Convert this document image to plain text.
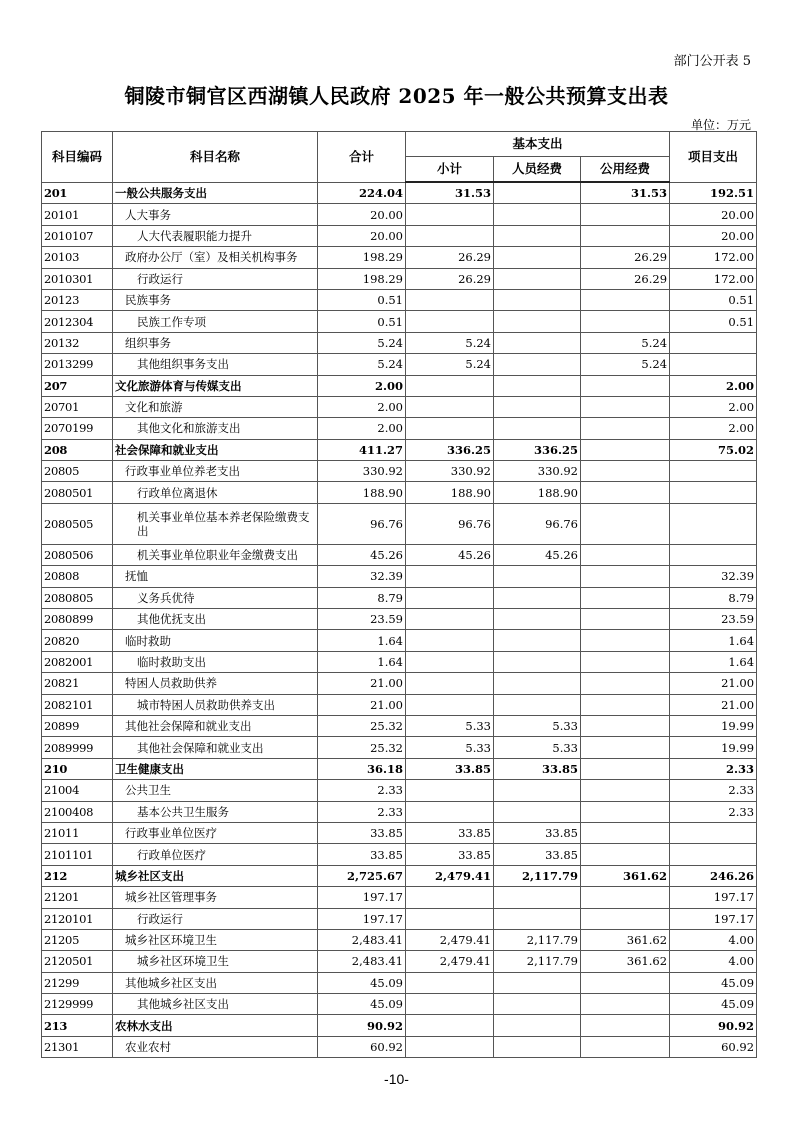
部门公开表 5
铜陵市铜官区西湖镇人民政府 2025 年一般公共预算支出表
单位：万元
科目编码	科目名称	合计	基本支出			项目支出
			小计	人员经费	公用经费	
201	一般公共服务支出	224.04	31.53		31.53	192.51
20101	人大事务	20.00				20.00
2010107	人大代表履职能力提升	20.00				20.00
20103	政府办公厅（室）及相关机构事务	198.29	26.29		26.29	172.00
2010301	行政运行	198.29	26.29		26.29	172.00
20123	民族事务	0.51				0.51
2012304	民族工作专项	0.51				0.51
20132	组织事务	5.24	5.24		5.24	
2013299	其他组织事务支出	5.24	5.24		5.24	
207	文化旅游体育与传媒支出	2.00				2.00
20701	文化和旅游	2.00				2.00
2070199	其他文化和旅游支出	2.00				2.00
208	社会保障和就业支出	411.27	336.25	336.25		75.02
20805	行政事业单位养老支出	330.92	330.92	330.92		
2080501	行政单位离退休	188.90	188.90	188.90		
2080505	机关事业单位基本养老保险缴费支出	96.76	96.76	96.76		
2080506	机关事业单位职业年金缴费支出	45.26	45.26	45.26		
20808	抚恤	32.39				32.39
2080805	义务兵优待	8.79				8.79
2080899	其他优抚支出	23.59				23.59
20820	临时救助	1.64				1.64
2082001	临时救助支出	1.64				1.64
20821	特困人员救助供养	21.00				21.00
2082101	城市特困人员救助供养支出	21.00				21.00
20899	其他社会保障和就业支出	25.32	5.33	5.33		19.99
2089999	其他社会保障和就业支出	25.32	5.33	5.33		19.99
210	卫生健康支出	36.18	33.85	33.85		2.33
21004	公共卫生	2.33				2.33
2100408	基本公共卫生服务	2.33				2.33
21011	行政事业单位医疗	33.85	33.85	33.85		
2101101	行政单位医疗	33.85	33.85	33.85		
212	城乡社区支出	2,725.67	2,479.41	2,117.79	361.62	246.26
21201	城乡社区管理事务	197.17				197.17
2120101	行政运行	197.17				197.17
21205	城乡社区环境卫生	2,483.41	2,479.41	2,117.79	361.62	4.00
2120501	城乡社区环境卫生	2,483.41	2,479.41	2,117.79	361.62	4.00
21299	其他城乡社区支出	45.09				45.09
2129999	其他城乡社区支出	45.09				45.09
213	农林水支出	90.92				90.92
21301	农业农村	60.92				60.92
-10-
